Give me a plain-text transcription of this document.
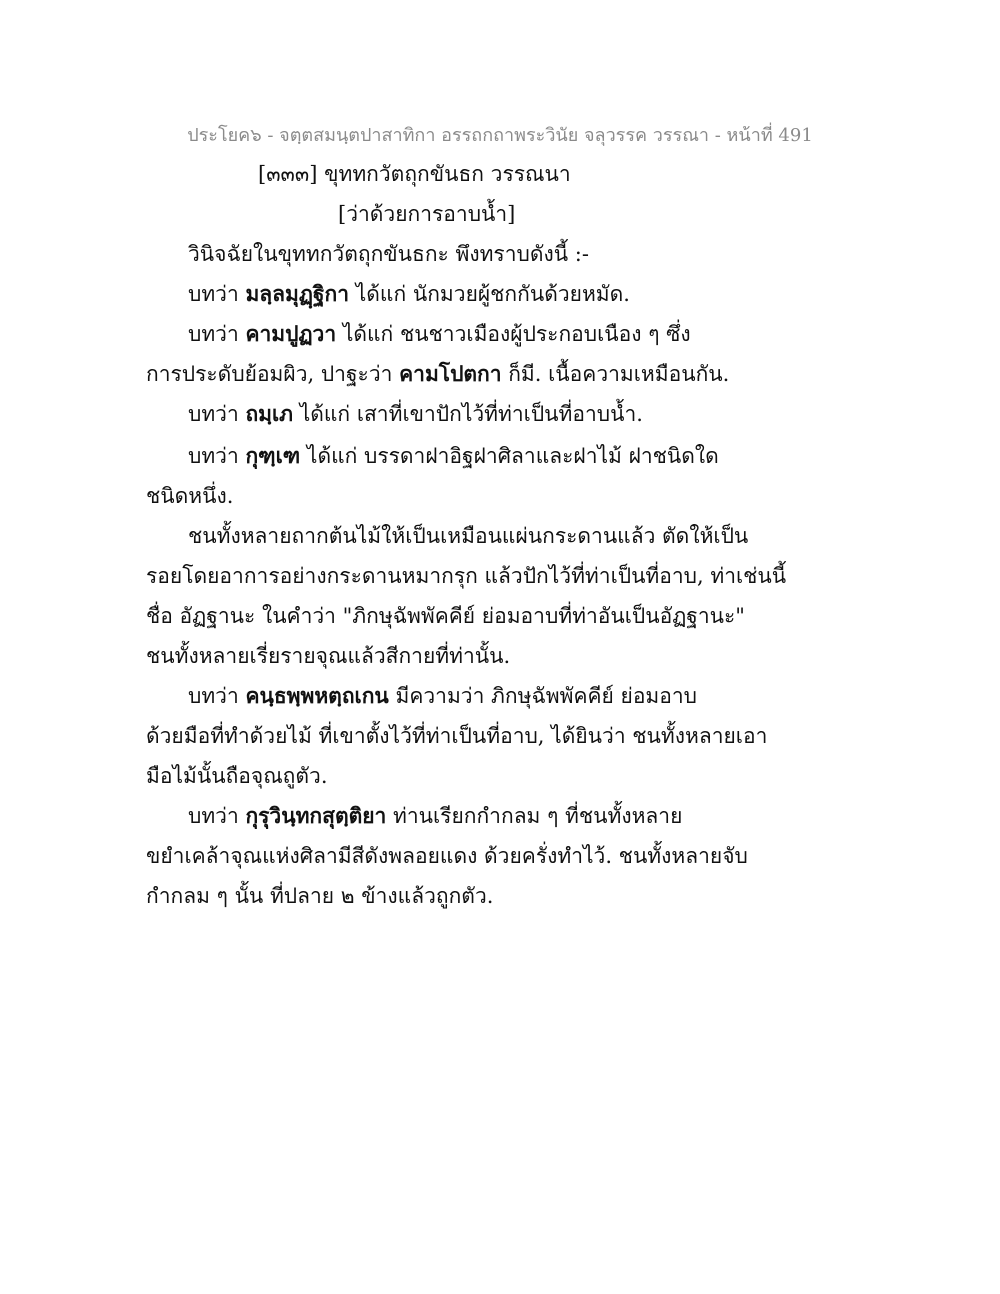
ประโยค๖ - จตฺตสมนฺตปาสาทิกา อรรถกถาพระวินัย จลุวรรค วรรณา - หน้าที่ 491
[๓๓๓] ขุททกวัตถุกขันธก วรรณนา
[ว่าด้วยการอาบน้ำ]
วินิจฉัยในขุททกวัตถุกขันธกะ พึงทราบดังนี้ :-
บทว่า มลฺลมุฏฺฐิกา ได้แก่ นักมวยผู้ชกกันด้วยหมัด.
บทว่า คามปูฏวา ได้แก่ ชนชาวเมืองผู้ประกอบเนือง ๆ ซึ่ง
การประดับย้อมผิว, ปาฐะว่า คามโปตกา ก็มี. เนื้อความเหมือนกัน.
บทว่า ถมฺเภ ได้แก่ เสาที่เขาปักไว้ที่ท่าเป็นที่อาบน้ำ.
บทว่า กุฑฺเฑ ได้แก่ บรรดาฝาอิฐฝาศิลาและฝาไม้ ฝาชนิดใด
ชนิดหนึ่ง.
ชนทั้งหลายถากต้นไม้ให้เป็นเหมือนแผ่นกระดานแล้ว ตัดให้เป็น
รอยโดยอาการอย่างกระดานหมากรุก แล้วปักไว้ที่ท่าเป็นที่อาบ, ท่าเช่นนี้
ชื่อ อัฏฐานะ ในคำว่า "ภิกษุฉัพพัคคีย์ ย่อมอาบที่ท่าอันเป็นอัฏฐานะ"
ชนทั้งหลายเรี่ยรายจุณแล้วสีกายที่ท่านั้น.
บทว่า คนฺธพฺพหตฺถเกน มีความว่า ภิกษุฉัพพัคคีย์ ย่อมอาบ
ด้วยมือที่ทำด้วยไม้ ที่เขาตั้งไว้ที่ท่าเป็นที่อาบ, ได้ยินว่า ชนทั้งหลายเอา
มือไม้นั้นถือจุณถูตัว.
บทว่า กุรุวินฺทกสุตฺติยา ท่านเรียกกำกลม ๆ ที่ชนทั้งหลาย
ขยำเคล้าจุณแห่งศิลามีสีดังพลอยแดง ด้วยครั่งทำไว้. ชนทั้งหลายจับ
กำกลม ๆ นั้น ที่ปลาย ๒ ข้างแล้วถูกตัว.
